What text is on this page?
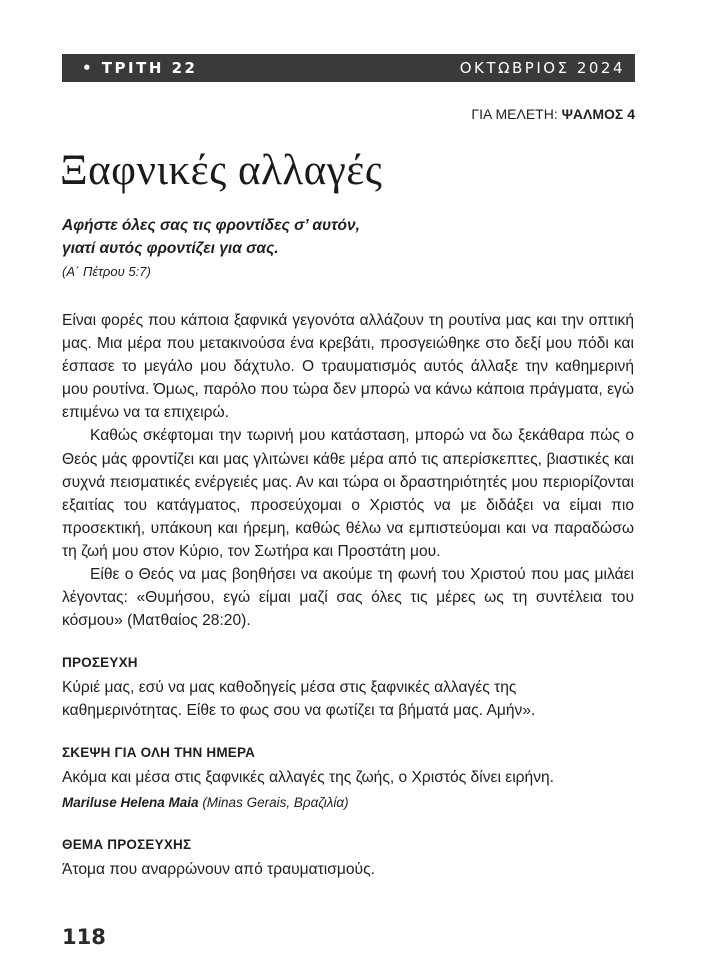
• ΤΡΙΤΗ 22	ΟΚΤΩΒΡΙΟΣ 2024
ΓΙΑ ΜΕΛΕΤΗ: ΨΑΛΜΟΣ 4
Ξαφνικές αλλαγές
Αφήστε όλες σας τις φροντίδες σ’ αυτόν,
γιατί αυτός φροντίζει για σας.
(Α΄ Πέτρου 5:7)

Είναι φορές που κάποια ξαφνικά γεγονότα αλλάζουν τη ρουτίνα μας και την οπτική μας. Μια μέρα που μετακινούσα ένα κρεβάτι, προσγειώθηκε στο δεξί μου πόδι και έσπασε το μεγάλο μου δάχτυλο. Ο τραυματισμός αυτός άλλαξε την καθημερινή μου ρουτίνα. Όμως, παρόλο που τώρα δεν μπορώ να κάνω κάποια πράγματα, εγώ επιμένω να τα επιχειρώ.

Καθώς σκέφτομαι την τωρινή μου κατάσταση, μπορώ να δω ξεκάθαρα πώς ο Θεός μάς φροντίζει και μας γλιτώνει κάθε μέρα από τις απερίσκεπτες, βιαστικές και συχνά πεισματικές ενέργειές μας. Αν και τώρα οι δραστηριότητές μου περιορίζονται εξαιτίας του κατάγματος, προσεύχομαι ο Χριστός να με διδάξει να είμαι πιο προσεκτική, υπάκουη και ήρεμη, καθώς θέλω να εμπιστεύομαι και να παραδώσω τη ζωή μου στον Κύριο, τον Σωτήρα και Προστάτη μου.

Είθε ο Θεός να μας βοηθήσει να ακούμε τη φωνή του Χριστού που μας μιλάει λέγοντας: «Θυμήσου, εγώ είμαι μαζί σας όλες τις μέρες ως τη συντέλεια του κόσμου» (Ματθαίος 28:20).

ΠΡΟΣΕΥΧΗ
Κύριέ μας, εσύ να μας καθοδηγείς μέσα στις ξαφνικές αλλαγές της καθημερινότητας. Είθε το φως σου να φωτίζει τα βήματά μας. Αμήν».
ΣΚΕΨΗ ΓΙΑ ΟΛΗ ΤΗΝ ΗΜΕΡΑ
Ακόμα και μέσα στις ξαφνικές αλλαγές της ζωής, ο Χριστός δίνει ειρήνη.
Mariluse Helena Maia (Minas Gerais, Βραζιλία)
ΘΕΜΑ ΠΡΟΣΕΥΧΗΣ
Άτομα που αναρρώνουν από τραυματισμούς.
118
